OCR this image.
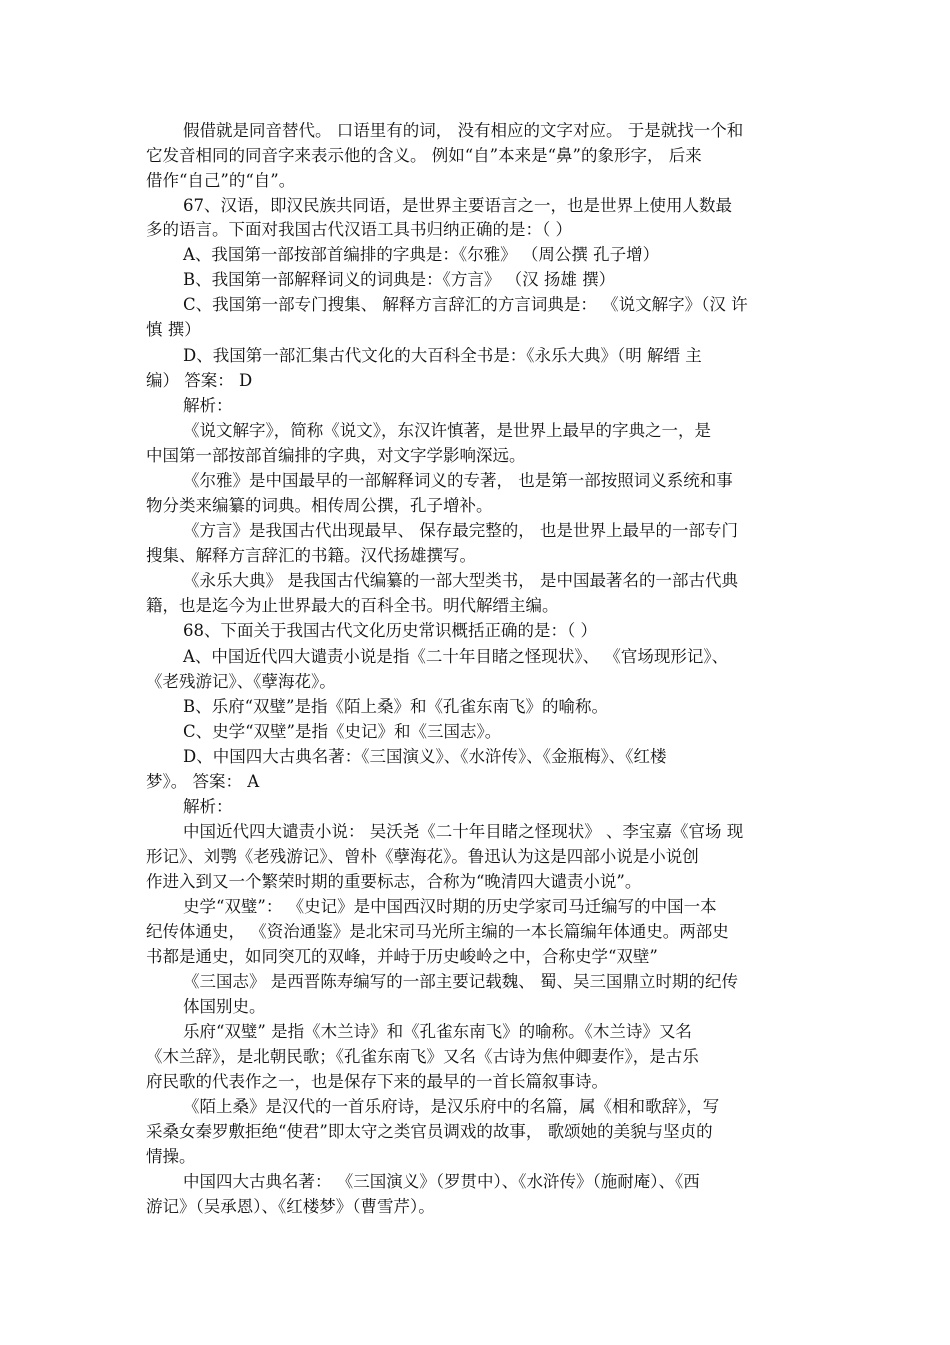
假借就是同音替代。 口语里有的词， 没有相应的文字对应。 于是就找一个和
它发音相同的同音字来表示他的含义。 例如“自”本来是“鼻”的象形字， 后来
借作“自己”的“自”。
67、汉语，即汉民族共同语，是世界主要语言之一，也是世界上使用人数最
多的语言。下面对我国古代汉语工具书归纳正确的是：（ ）
A、我国第一部按部首编排的字典是：《尔雅》 （周公撰 孔子增）
B、我国第一部解释词义的词典是：《方言》 （汉 扬雄 撰）
C、我国第一部专门搜集、 解释方言辞汇的方言词典是： 《说文解字》（汉 许
慎 撰）
D、我国第一部汇集古代文化的大百科全书是：《永乐大典》（明 解缙 主
编） 答案： D
解析：
《说文解字》，简称《说文》，东汉许慎著，是世界上最早的字典之一，是
中国第一部按部首编排的字典，对文字学影响深远。
《尔雅》是中国最早的一部解释词义的专著， 也是第一部按照词义系统和事
物分类来编纂的词典。相传周公撰，孔子增补。
《方言》是我国古代出现最早、 保存最完整的， 也是世界上最早的一部专门
搜集、解释方言辞汇的书籍。汉代扬雄撰写。
《永乐大典》 是我国古代编纂的一部大型类书， 是中国最著名的一部古代典
籍，也是迄今为止世界最大的百科全书。明代解缙主编。
68、下面关于我国古代文化历史常识概括正确的是：（ ）
A、中国近代四大谴责小说是指《二十年目睹之怪现状》、 《官场现形记》、
《老残游记》、《孽海花》。
B、乐府“双璧”是指《陌上桑》和《孔雀东南飞》的喻称。
C、史学“双壁”是指《史记》和《三国志》。
D、中国四大古典名著：《三国演义》、《水浒传》、《金瓶梅》、《红楼
梦》。 答案： A
解析：
中国近代四大谴责小说： 吴沃尧《二十年目睹之怪现状》 、李宝嘉《官场 现
形记》、刘鹗《老残游记》、曾朴《孽海花》。鲁迅认为这是四部小说是小说创
作进入到又一个繁荣时期的重要标志，合称为“晚清四大谴责小说”。
史学“双璧”： 《史记》是中国西汉时期的历史学家司马迁编写的中国一本
纪传体通史， 《资治通鉴》是北宋司马光所主编的一本长篇编年体通史。两部史
书都是通史，如同突兀的双峰，并峙于历史峻岭之中，合称史学“双壁”
《三国志》 是西晋陈寿编写的一部主要记载魏、 蜀、吴三国鼎立时期的纪传
体国别史。
乐府“双璧” 是指《木兰诗》和《孔雀东南飞》的喻称。《木兰诗》又名
《木兰辞》，是北朝民歌；《孔雀东南飞》又名《古诗为焦仲卿妻作》，是古乐
府民歌的代表作之一，也是保存下来的最早的一首长篇叙事诗。
《陌上桑》是汉代的一首乐府诗，是汉乐府中的名篇，属《相和歌辞》，写
采桑女秦罗敷拒绝“使君”即太守之类官员调戏的故事， 歌颂她的美貌与坚贞的
情操。
中国四大古典名著： 《三国演义》（罗贯中）、《水浒传》（施耐庵）、《西
游记》（吴承恩）、《红楼梦》（曹雪芹）。
